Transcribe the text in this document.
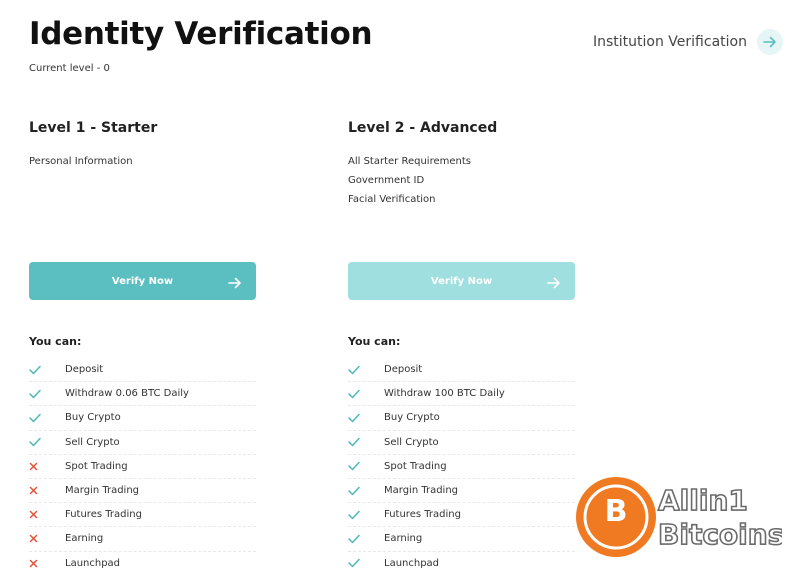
Identity Verification
Current level - 0
Institution Verification
Level 1 - Starter
Personal Information
Verify Now
You can:
Deposit
Withdraw 0.06 BTC Daily
Buy Crypto
Sell Crypto
Spot Trading
Margin Trading
Futures Trading
Earning
Launchpad
Level 2 - Advanced
All Starter Requirements
Government ID
Facial Verification
Verify Now
You can:
Deposit
Withdraw 100 BTC Daily
Buy Crypto
Sell Crypto
Spot Trading
Margin Trading
Futures Trading
Earning
Launchpad
Allin1
Bitcoins
B
